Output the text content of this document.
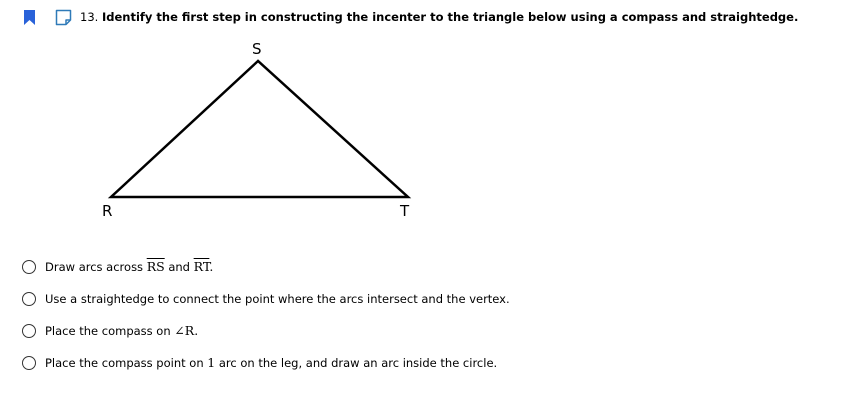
13. Identify the first step in constructing the incenter to the triangle below using a compass and straightedge.
S
R	T
Draw arcs across $\overline{RS}$ and $\overline{RT}$.
Use a straightedge to connect the point where the arcs intersect and the vertex.
Place the compass on ∠R.
Place the compass point on 1 arc on the leg, and draw an arc inside the circle.
